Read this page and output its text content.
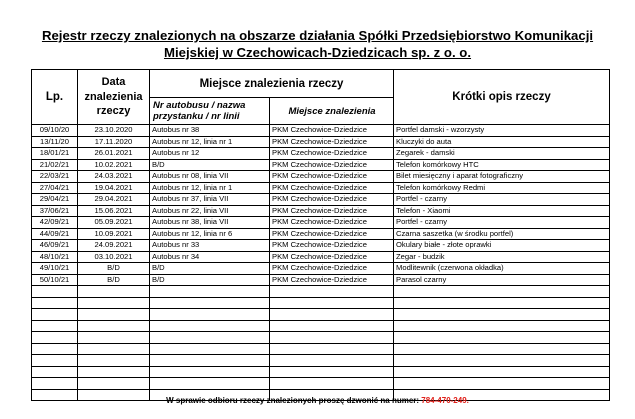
Rejestr rzeczy znalezionych na obszarze działania Spółki Przedsiębiorstwo Komunikacji
Miejskiej w Czechowicach-Dziedzicach sp. z o. o.
Lp.	Data znalezienia rzeczy	Miejsce znalezienia rzeczy		Krótki opis rzeczy
		Nr autobusu / nazwa przystanku / nr linii	Miejsce znalezienia	
09/10/20	23.10.2020	Autobus nr 38	PKM Czechowice-Dziedzice	Portfel damski - wzorzysty
13/11/20	17.11.2020	Autobus nr 12, linia nr 1	PKM Czechowice-Dziedzice	Kluczyki do auta
18/01/21	26.01.2021	Autobus nr 12	PKM Czechowice-Dziedzice	Zegarek - damski
21/02/21	10.02.2021	B/D	PKM Czechowice-Dziedzice	Telefon komórkowy HTC
22/03/21	24.03.2021	Autobus nr 08, linia VII	PKM Czechowice-Dziedzice	Bilet miesięczny i aparat fotograficzny
27/04/21	19.04.2021	Autobus nr 12, linia nr 1	PKM Czechowice-Dziedzice	Telefon komórkowy Redmi
29/04/21	29.04.2021	Autobus nr 37, linia VII	PKM Czechowice-Dziedzice	Portfel - czarny
37/06/21	15.06.2021	Autobus nr 22, linia VII	PKM Czechowice-Dziedzice	Telefon - Xiaomi
42/09/21	05.09.2021	Autobus nr 38, linia VII	PKM Czechowice-Dziedzice	Portfel - czarny
44/09/21	10.09.2021	Autobus nr 12, linia nr 6	PKM Czechowice-Dziedzice	Czarna saszetka (w środku portfel)
46/09/21	24.09.2021	Autobus nr 33	PKM Czechowice-Dziedzice	Okulary białe - złote oprawki
48/10/21	03.10.2021	Autobus nr 34	PKM Czechowice-Dziedzice	Zegar - budzik
49/10/21	B/D	B/D	PKM Czechowice-Dziedzice	Modlitewnik (czerwona okładka)
50/10/21	B/D	B/D	PKM Czechowice-Dziedzice	Parasol czarny

W sprawie odbioru rzeczy znalezionych proszę dzwonić na numer: 784-470-249.
